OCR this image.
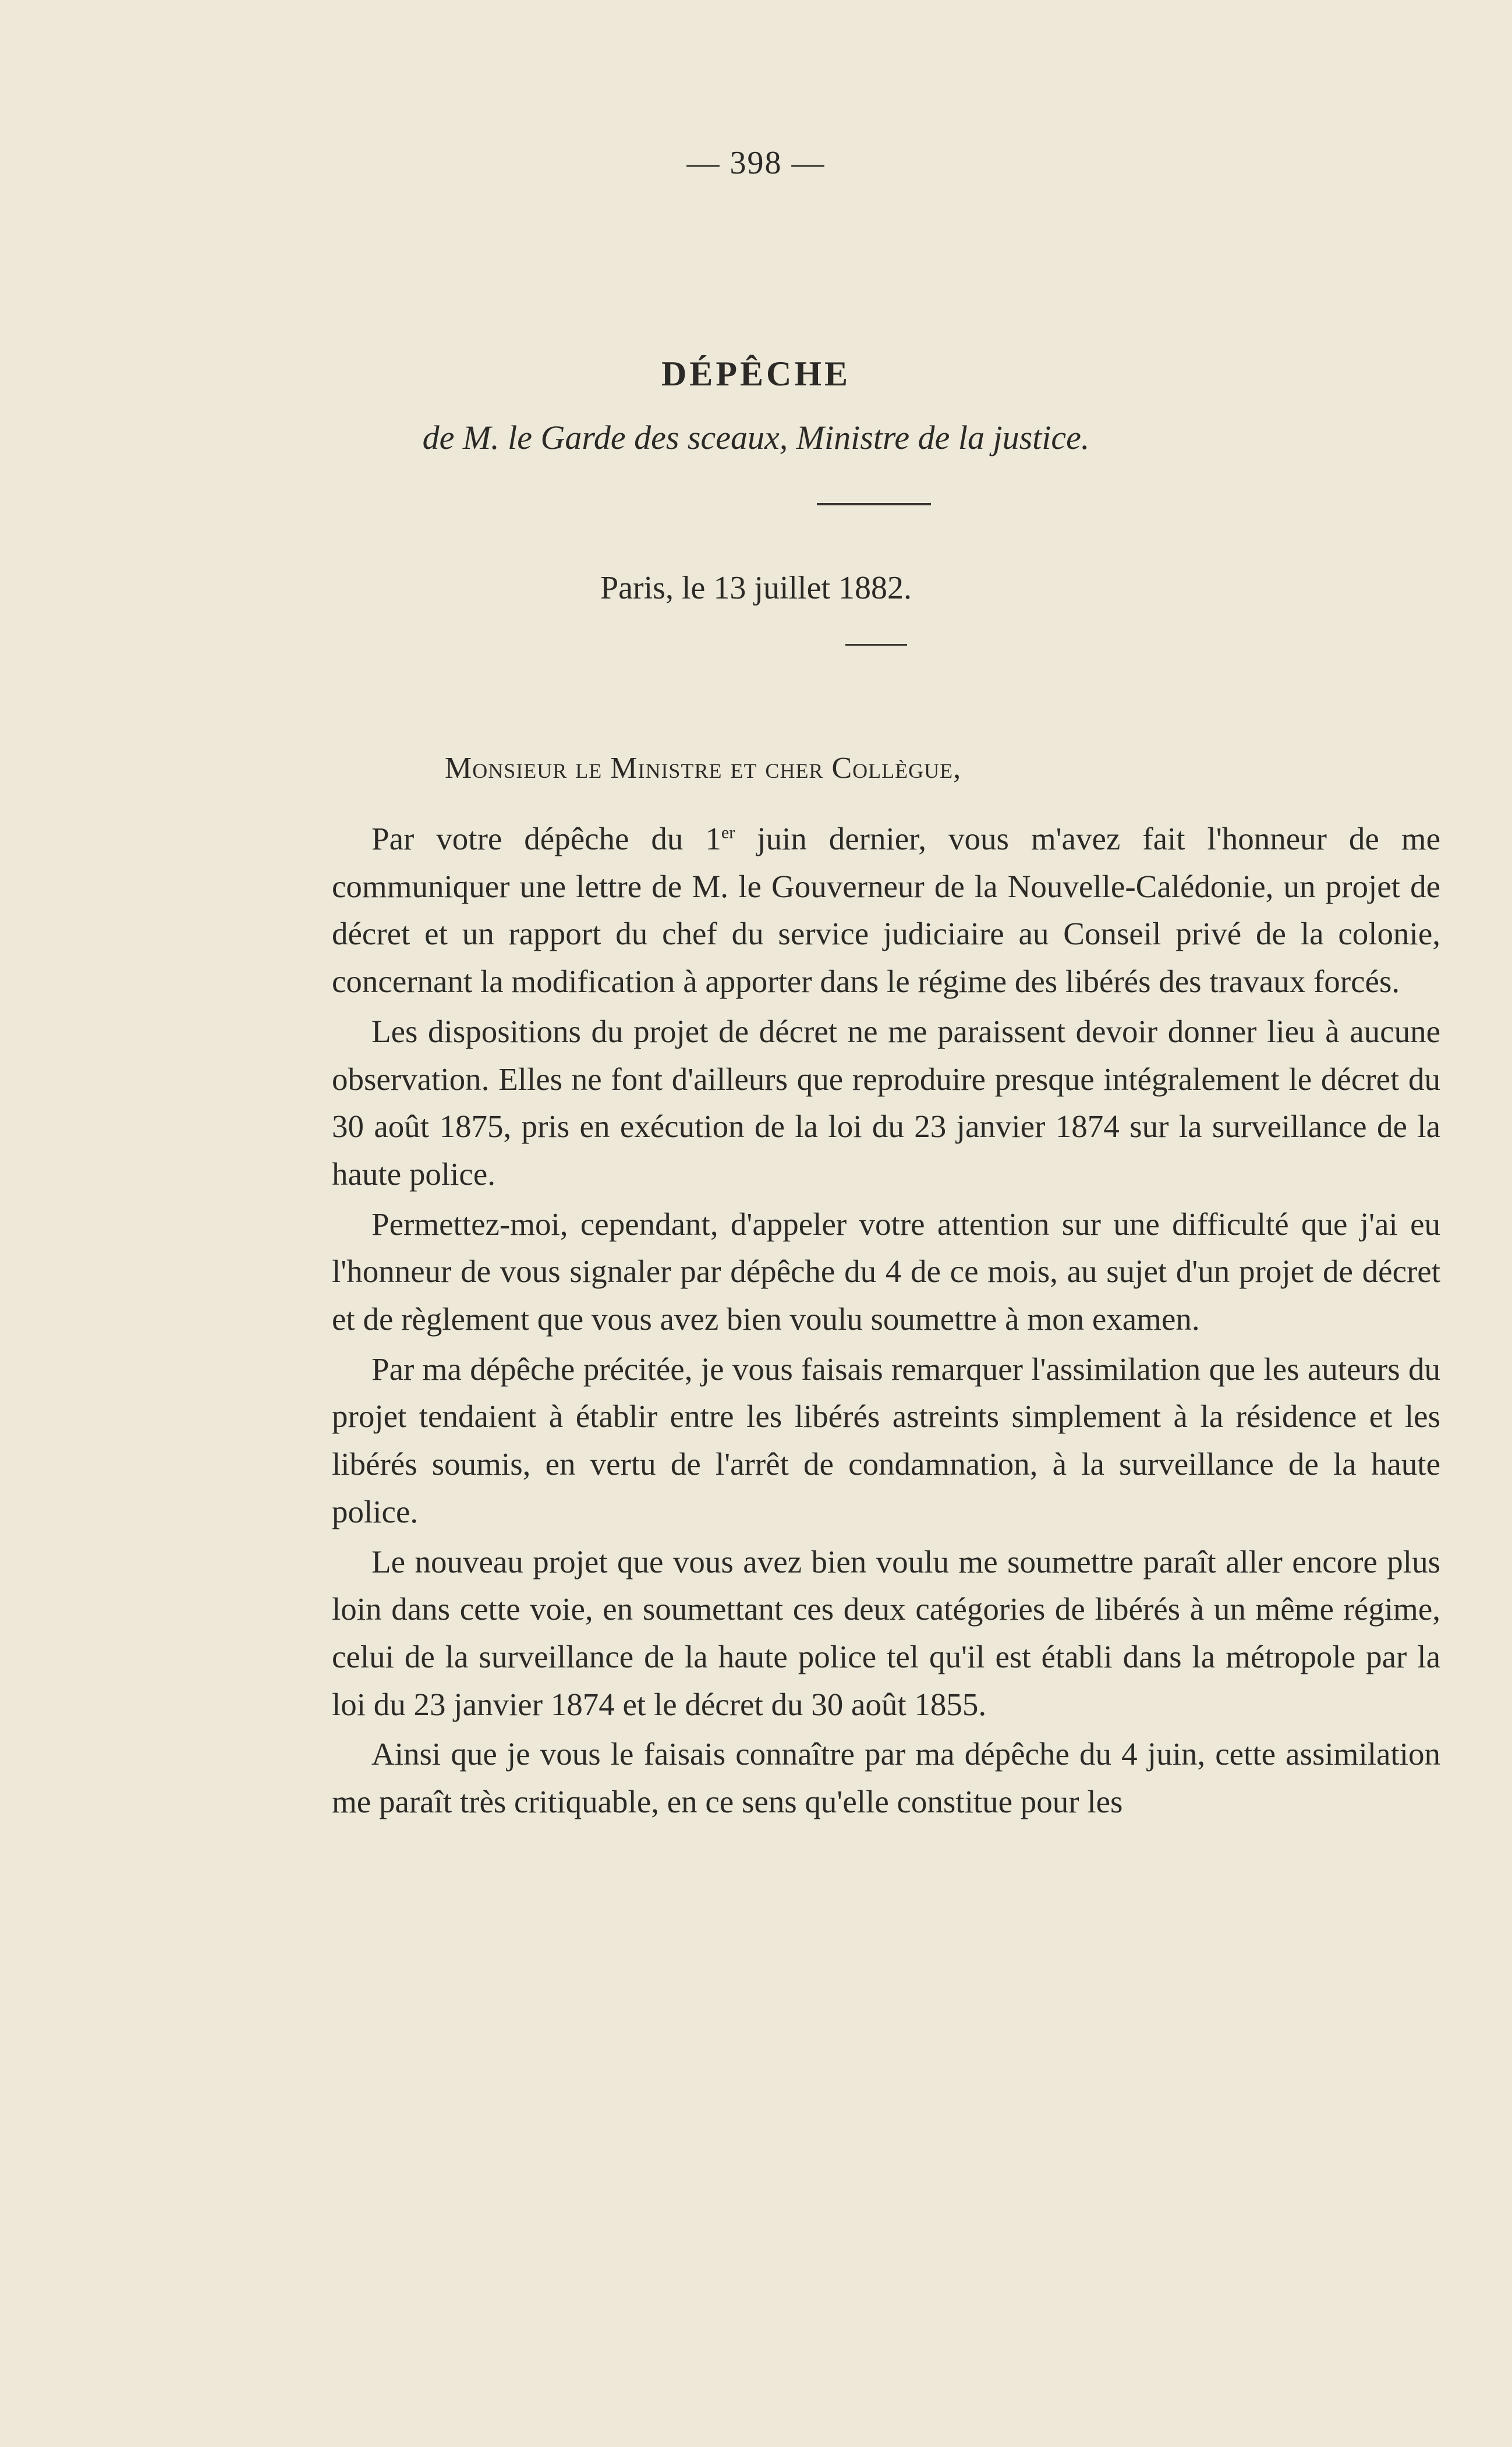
— 398 —
DÉPÊCHE
de M. le Garde des sceaux, Ministre de la justice.
Paris, le 13 juillet 1882.
Monsieur le Ministre et cher Collègue,

Par votre dépêche du 1er juin dernier, vous m'avez fait l'honneur de me communiquer une lettre de M. le Gouverneur de la Nouvelle-Calédonie, un projet de décret et un rapport du chef du service judiciaire au Conseil privé de la colonie, concernant la modification à apporter dans le régime des libérés des travaux forcés.

Les dispositions du projet de décret ne me paraissent devoir donner lieu à aucune observation. Elles ne font d'ailleurs que reproduire presque intégralement le décret du 30 août 1875, pris en exécution de la loi du 23 janvier 1874 sur la surveillance de la haute police.

Permettez-moi, cependant, d'appeler votre attention sur une difficulté que j'ai eu l'honneur de vous signaler par dépêche du 4 de ce mois, au sujet d'un projet de décret et de règlement que vous avez bien voulu soumettre à mon examen.

Par ma dépêche précitée, je vous faisais remarquer l'assimilation que les auteurs du projet tendaient à établir entre les libérés astreints simplement à la résidence et les libérés soumis, en vertu de l'arrêt de condamnation, à la surveillance de la haute police.

Le nouveau projet que vous avez bien voulu me soumettre paraît aller encore plus loin dans cette voie, en soumettant ces deux catégories de libérés à un même régime, celui de la surveillance de la haute police tel qu'il est établi dans la métropole par la loi du 23 janvier 1874 et le décret du 30 août 1855.

Ainsi que je vous le faisais connaître par ma dépêche du 4 juin, cette assimilation me paraît très critiquable, en ce sens qu'elle constitue pour les
